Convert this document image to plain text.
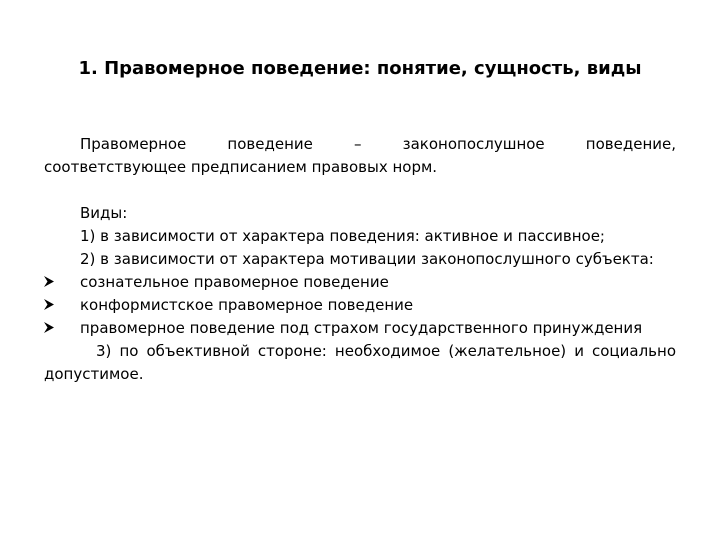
1. Правомерное поведение: понятие, сущность, виды

Правомерное поведение – законопослушное поведение, соответствующее предписанием правовых норм.

Виды:

1) в зависимости от характера поведения: активное и пассивное;

2) в зависимости от характера мотивации законопослушного субъекта:

сознательное правомерное поведение
конформистское правомерное поведение
правомерное поведение под страхом государственного принуждения

3) по объективной стороне: необходимое (желательное) и социально допустимое.
